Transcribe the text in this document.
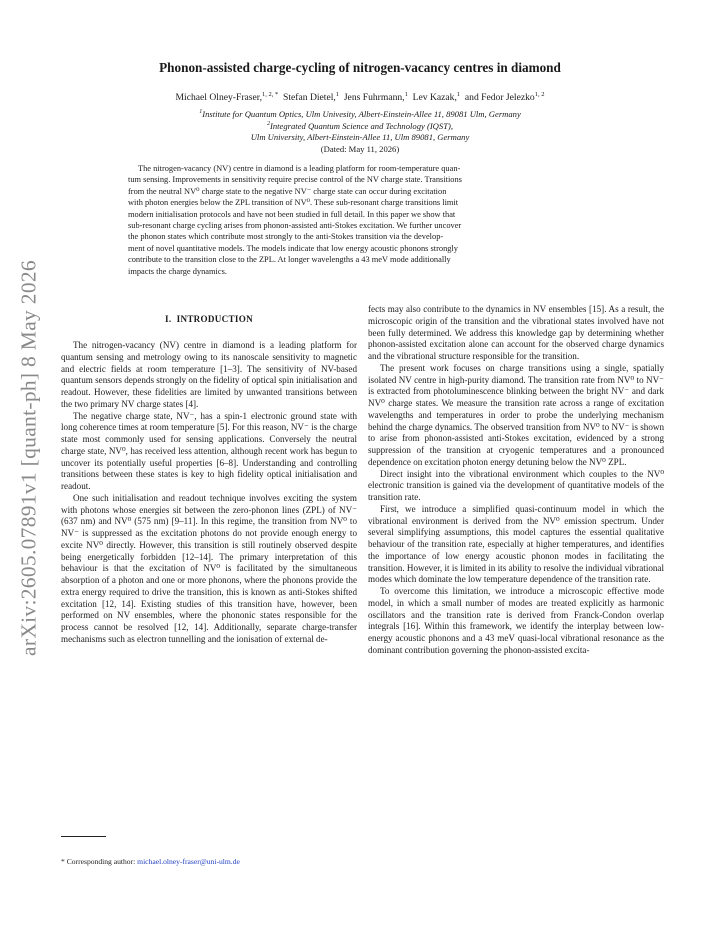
arXiv:2605.07891v1 [quant-ph] 8 May 2026
Phonon-assisted charge-cycling of nitrogen-vacancy centres in diamond
Michael Olney-Fraser,$^{1, 2, *}$ Stefan Dietel,$^1$ Jens Fuhrmann,$^1$ Lev Kazak,$^1$ and Fedor Jelezko$^{1, 2}$
$^1$Institute for Quantum Optics, Ulm Univesity, Albert-Einstein-Allee 11, 89081 Ulm, Germany
$^2$Integrated Quantum Science and Technology (IQST),
Ulm University, Albert-Einstein-Allee 11, Ulm 89081, Germany
(Dated: May 11, 2026)
The nitrogen-vacancy (NV) centre in diamond is a leading platform for room-temperature quan-
tum sensing. Improvements in sensitivity require precise control of the NV charge state. Transitions
from the neutral NV⁰ charge state to the negative NV⁻ charge state can occur during excitation
with photon energies below the ZPL transition of NV⁰. These sub-resonant charge transitions limit
modern initialisation protocols and have not been studied in full detail. In this paper we show that
sub-resonant charge cycling arises from phonon-assisted anti-Stokes excitation. We further uncover
the phonon states which contribute most strongly to the anti-Stokes transition via the develop-
ment of novel quantitative models. The models indicate that low energy acoustic phonons strongly
contribute to the transition close to the ZPL. At longer wavelengths a 43 meV mode additionally
impacts the charge dynamics.
I. INTRODUCTION

The nitrogen-vacancy (NV) centre in diamond is a leading platform for quantum sensing and metrology owing to its nanoscale sensitivity to magnetic and electric fields at room temperature [1–3]. The sensitivity of NV-based quantum sensors depends strongly on the fidelity of optical spin initialisation and readout. However, these fidelities are limited by unwanted transitions between the two primary NV charge states [4].

The negative charge state, NV⁻, has a spin-1 electronic ground state with long coherence times at room temperature [5]. For this reason, NV⁻ is the charge state most commonly used for sensing applications. Conversely the neutral charge state, NV⁰, has received less attention, although recent work has begun to uncover its potentially useful properties [6–8]. Understanding and controlling transitions between these states is key to high fidelity optical initialisation and readout.

One such initialisation and readout technique involves exciting the system with photons whose energies sit between the zero-phonon lines (ZPL) of NV⁻ (637 nm) and NV⁰ (575 nm) [9–11]. In this regime, the transition from NV⁰ to NV⁻ is suppressed as the excitation photons do not provide enough energy to excite NV⁰ directly. However, this transition is still routinely observed despite being energetically forbidden [12–14]. The primary interpretation of this behaviour is that the excitation of NV⁰ is facilitated by the simultaneous absorption of a photon and one or more phonons, where the phonons provide the extra energy required to drive the transition, this is known as anti-Stokes shifted excitation [12, 14]. Existing studies of this transition have, however, been performed on NV ensembles, where the phononic states responsible for the process cannot be resolved [12, 14]. Additionally, separate charge-transfer mechanisms such as electron tunnelling and the ionisation of external de-

fects may also contribute to the dynamics in NV ensembles [15]. As a result, the microscopic origin of the transition and the vibrational states involved have not been fully determined. We address this knowledge gap by determining whether phonon-assisted excitation alone can account for the observed charge dynamics and the vibrational structure responsible for the transition.

The present work focuses on charge transitions using a single, spatially isolated NV centre in high-purity diamond. The transition rate from NV⁰ to NV⁻ is extracted from photoluminescence blinking between the bright NV⁻ and dark NV⁰ charge states. We measure the transition rate across a range of excitation wavelengths and temperatures in order to probe the underlying mechanism behind the charge dynamics. The observed transition from NV⁰ to NV⁻ is shown to arise from phonon-assisted anti-Stokes excitation, evidenced by a strong suppression of the transition at cryogenic temperatures and a pronounced dependence on excitation photon energy detuning below the NV⁰ ZPL.

Direct insight into the vibrational environment which couples to the NV⁰ electronic transition is gained via the development of quantitative models of the transition rate.

First, we introduce a simplified quasi-continuum model in which the vibrational environment is derived from the NV⁰ emission spectrum. Under several simplifying assumptions, this model captures the essential qualitative behaviour of the transition rate, especially at higher temperatures, and identifies the importance of low energy acoustic phonon modes in facilitating the transition. However, it is limited in its ability to resolve the individual vibrational modes which dominate the low temperature dependence of the transition rate.

To overcome this limitation, we introduce a microscopic effective mode model, in which a small number of modes are treated explicitly as harmonic oscillators and the transition rate is derived from Franck-Condon overlap integrals [16]. Within this framework, we identify the interplay between low-energy acoustic phonons and a 43 meV quasi-local vibrational resonance as the dominant contribution governing the phonon-assisted excita-

* Corresponding author: michael.olney-fraser@uni-ulm.de
